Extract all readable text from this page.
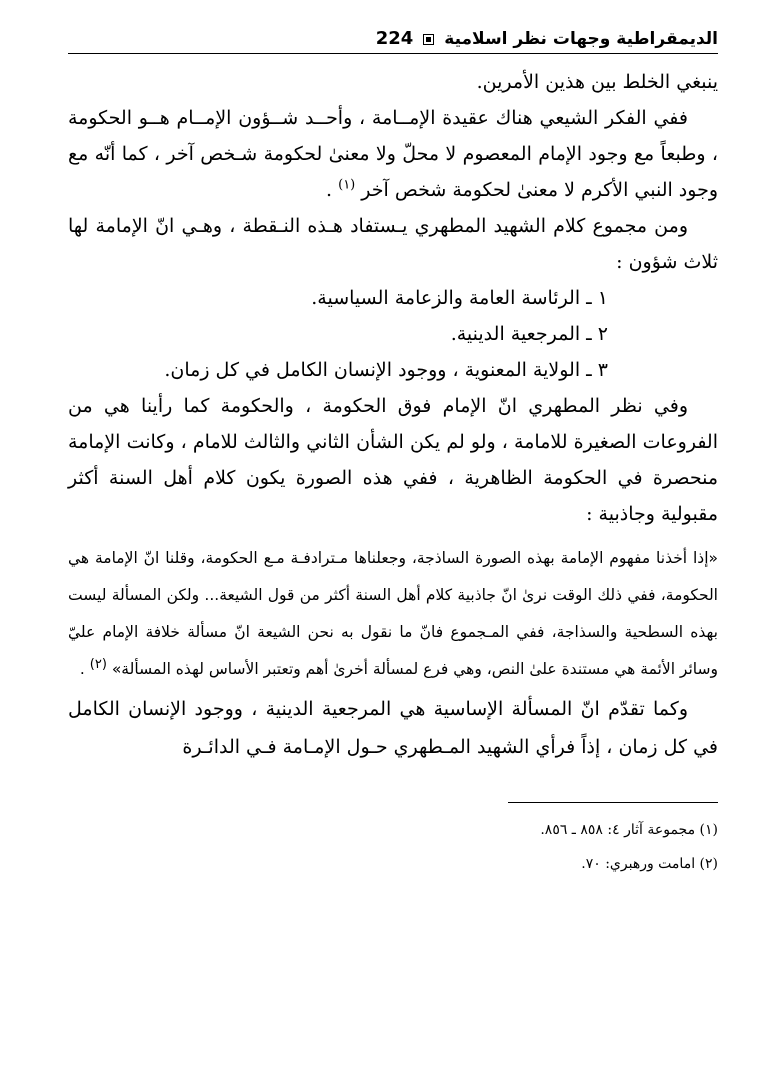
224 الديمقراطية وجهات نظر اسلامية

ينبغي الخلط بين هذين الأمرين.

ففي الفكر الشيعي هناك عقيدة الإمــامة ، وأحــد شــؤون الإمــام هــو الحكومة ، وطبعاً مع وجود الإمام المعصوم لا محلّ ولا معنىٰ لحكومة شـخص آخر ، كما أنّه مع وجود النبي الأكرم لا معنىٰ لحكومة شخص آخر $^{(١)}$ .

ومن مجموع كلام الشهيد المطهري يـستفاد هـذه النـقطة ، وهـي انّ الإمامة لها ثلاث شؤون :

١ ـ الرئاسة العامة والزعامة السياسية.

٢ ـ المرجعية الدينية.

٣ ـ الولاية المعنوية ، ووجود الإنسان الكامل في كل زمان.

وفي نظر المطهري انّ الإمام فوق الحكومة ، والحكومة كما رأينا هي من الفروعات الصغيرة للامامة ، ولو لم يكن الشأن الثاني والثالث للامام ، وكانت الإمامة منحصرة في الحكومة الظاهرية ، ففي هذه الصورة يكون كلام أهل السنة أكثر مقبولية وجاذبية :

«إذا أخذنا مفهوم الإمامة بهذه الصورة الساذجة، وجعلناها مـترادفـة مـع الحكومة، وقلنا انّ الإمامة هي الحكومة، ففي ذلك الوقت نرىٰ انّ جاذبية كلام أهل السنة أكثر من قول الشيعة... ولكن المسألة ليست بهذه السطحية والسذاجة، ففي المـجموع فانّ ما نقول به نحن الشيعة انّ مسألة خلافة الإمام عليّ وسائر الأئمة هي مستندة علىٰ النص، وهي فرع لمسألة أخرىٰ أهم وتعتبر الأساس لهذه المسألة» $^{(٢)}$ .

وكما تقدّم انّ المسألة الإساسية هي المرجعية الدينية ، ووجود الإنسان الكامل في كل زمان ، إذاً فرأي الشهيد المـطهري حـول الإمـامة فـي الدائـرة

(١) مجموعة آثار ٤: ٨٥٨ ـ ٨٥٦.

(٢) امامت ورهبري: ٧٠.
